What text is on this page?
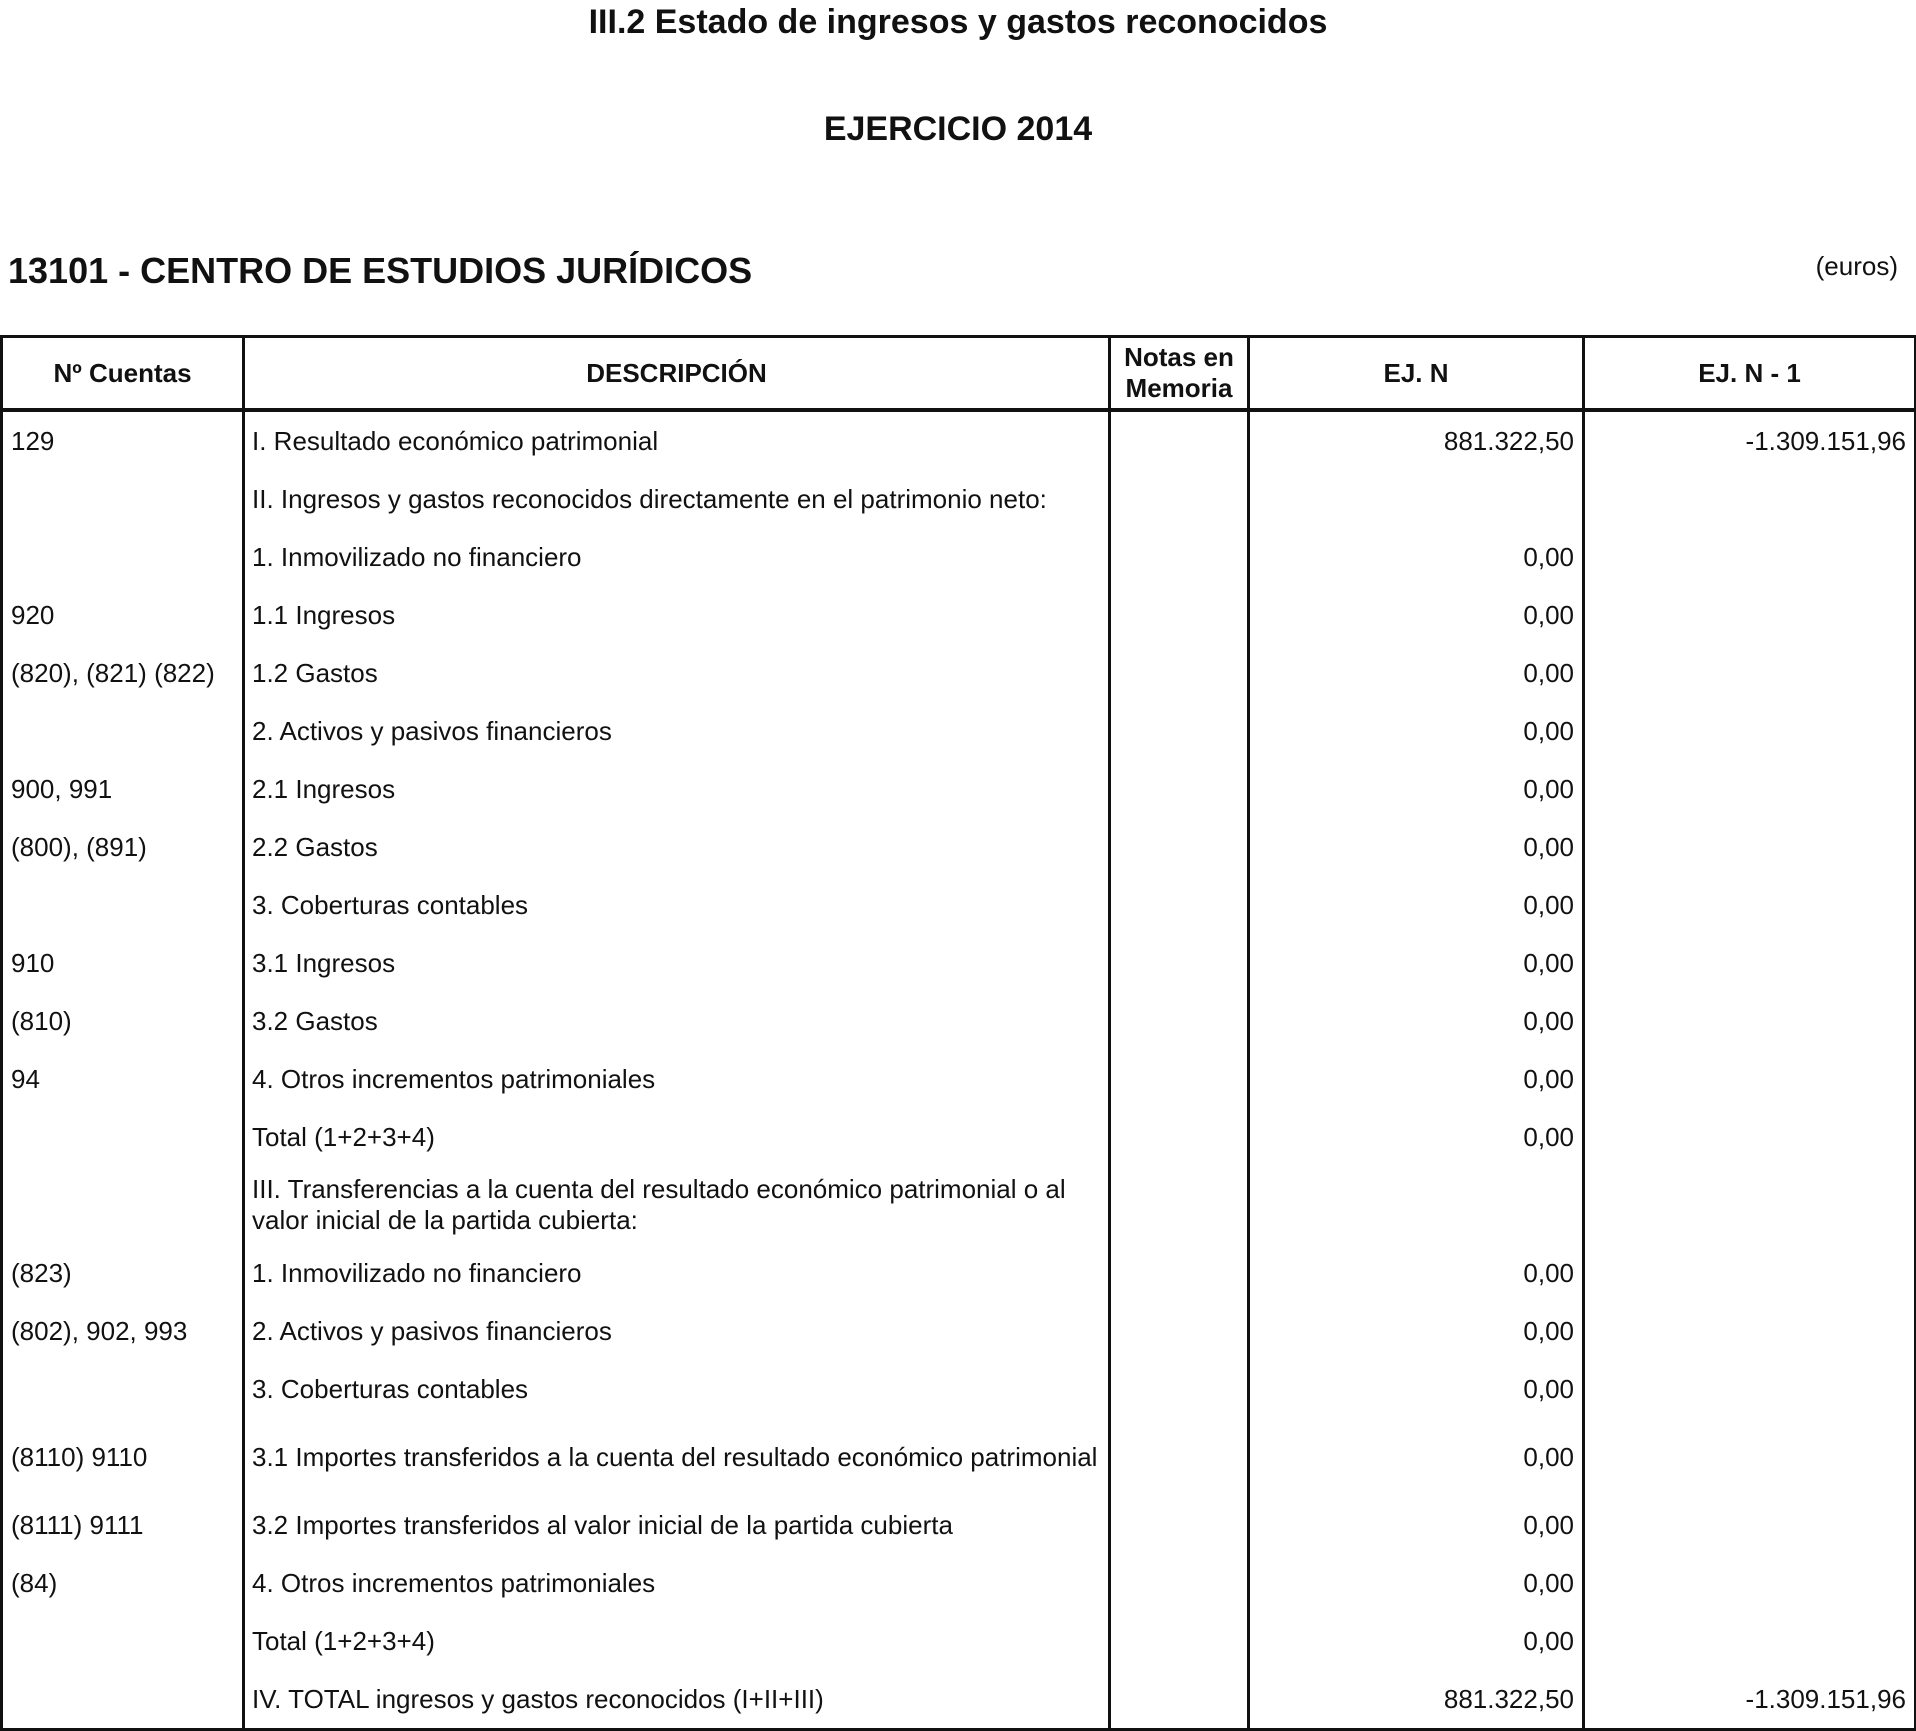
III.2 Estado de ingresos y gastos reconocidos
EJERCICIO 2014
13101 - CENTRO DE ESTUDIOS JURÍDICOS	(euros)
Nº Cuentas	DESCRIPCIÓN	Notas en Memoria	EJ. N	EJ. N - 1
129	I. Resultado económico patrimonial		881.322,50	-1.309.151,96
	II. Ingresos y gastos reconocidos directamente en el patrimonio neto:			
	1. Inmovilizado no financiero		0,00	
920	1.1 Ingresos		0,00	
(820), (821) (822)	1.2 Gastos		0,00	
	2. Activos y pasivos financieros		0,00	
900, 991	2.1 Ingresos		0,00	
(800), (891)	2.2 Gastos		0,00	
	3. Coberturas contables		0,00	
910	3.1 Ingresos		0,00	
(810)	3.2 Gastos		0,00	
94	4. Otros incrementos patrimoniales		0,00	
	Total (1+2+3+4)		0,00	
	III. Transferencias a la cuenta del resultado económico patrimonial o al valor inicial de la partida cubierta:			
(823)	1. Inmovilizado no financiero		0,00	
(802), 902, 993	2. Activos y pasivos financieros		0,00	
	3. Coberturas contables		0,00	
(8110) 9110	3.1 Importes transferidos a la cuenta del resultado económico patrimonial		0,00	
(8111) 9111	3.2 Importes transferidos al valor inicial de la partida cubierta		0,00	
(84)	4. Otros incrementos patrimoniales		0,00	
	Total (1+2+3+4)		0,00	
	IV. TOTAL ingresos y gastos reconocidos (I+II+III)		881.322,50	-1.309.151,96
